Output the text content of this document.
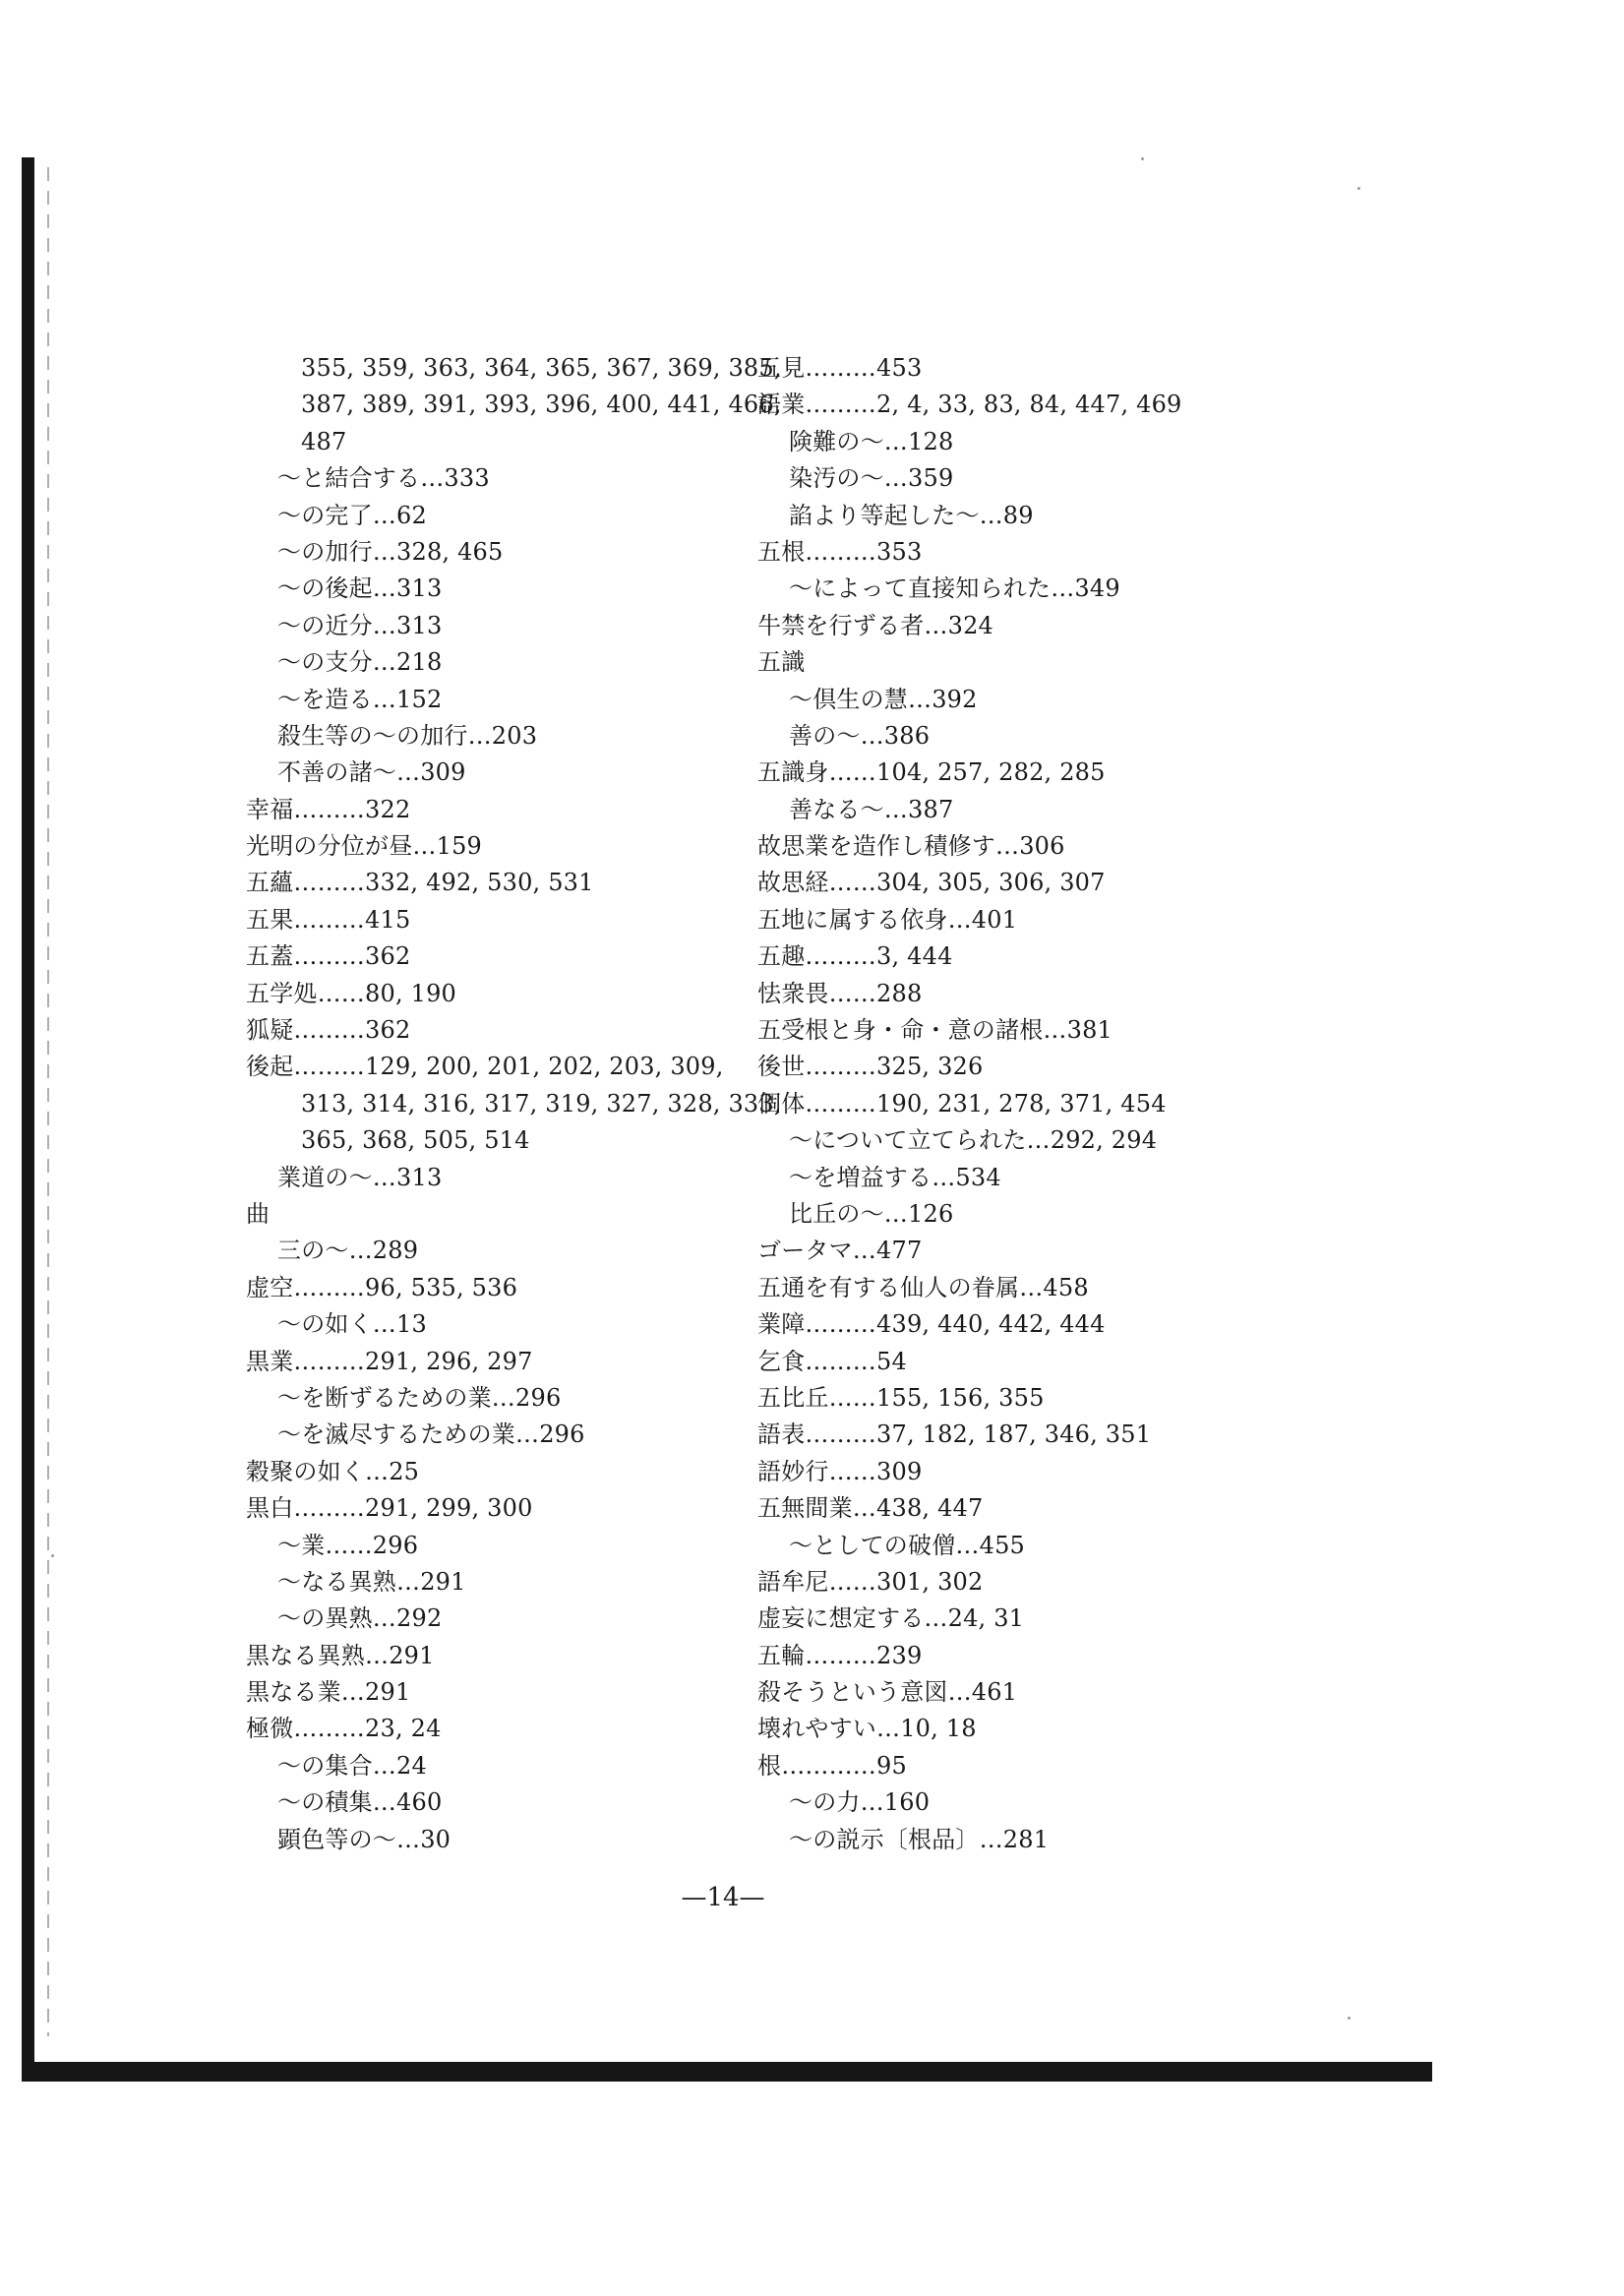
355, 359, 363, 364, 365, 367, 369, 385,
387, 389, 391, 393, 396, 400, 441, 466,
487
～と結合する…333
～の完了…62
～の加行…328, 465
～の後起…313
～の近分…313
～の支分…218
～を造る…152
殺生等の～の加行…203
不善の諸～…309
幸福………322
光明の分位が昼…159
五蘊………332, 492, 530, 531
五果………415
五蓋………362
五学処……80, 190
狐疑………362
後起………129, 200, 201, 202, 203, 309,
313, 314, 316, 317, 319, 327, 328, 333,
365, 368, 505, 514
業道の～…313
曲
三の～…289
虚空………96, 535, 536
～の如く…13
黒業………291, 296, 297
～を断ずるための業…296
～を滅尽するための業…296
穀聚の如く…25
黒白………291, 299, 300
～業……296
～なる異熟…291
～の異熟…292
黒なる異熟…291
黒なる業…291
極微………23, 24
～の集合…24
～の積集…460
顕色等の～…30
五見………453
語業………2, 4, 33, 83, 84, 447, 469
険難の～…128
染汚の～…359
諂より等起した～…89
五根………353
～によって直接知られた…349
牛禁を行ずる者…324
五識
～倶生の慧…392
善の～…386
五識身……104, 257, 282, 285
善なる～…387
故思業を造作し積修す…306
故思経……304, 305, 306, 307
五地に属する依身…401
五趣………3, 444
怯衆畏……288
五受根と身・命・意の諸根…381
後世………325, 326
個体………190, 231, 278, 371, 454
～について立てられた…292, 294
～を増益する…534
比丘の～…126
ゴータマ…477
五通を有する仙人の眷属…458
業障………439, 440, 442, 444
乞食………54
五比丘……155, 156, 355
語表………37, 182, 187, 346, 351
語妙行……309
五無間業…438, 447
～としての破僧…455
語牟尼……301, 302
虚妄に想定する…24, 31
五輪………239
殺そうという意図…461
壊れやすい…10, 18
根…………95
～の力…160
～の説示〔根品〕…281
—14—
